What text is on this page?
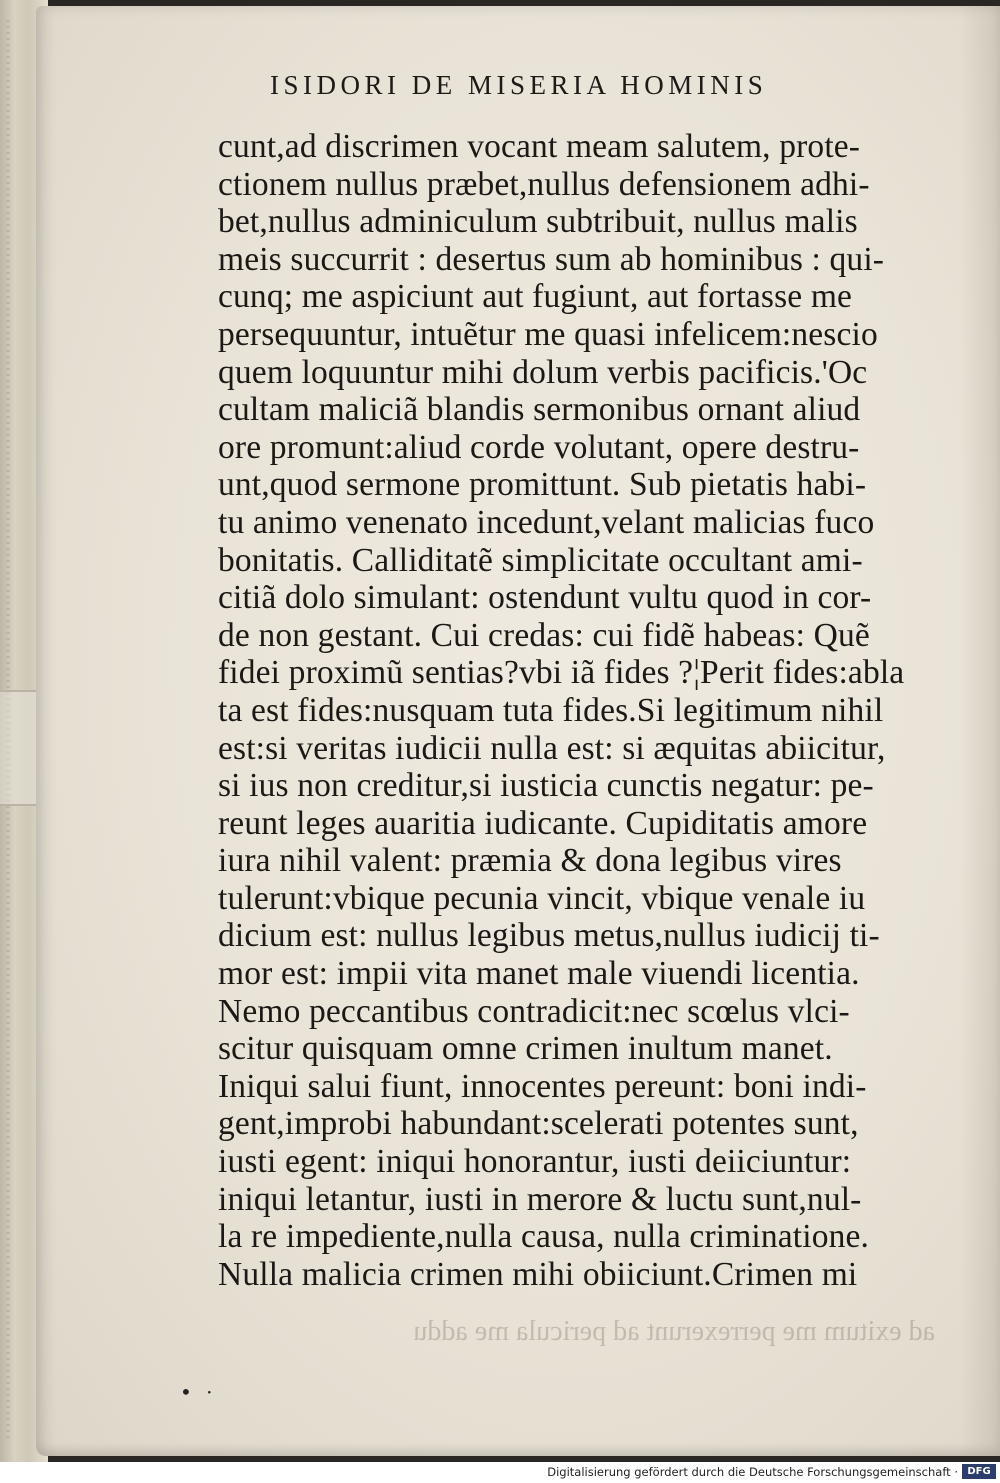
ISIDORI DE MISERIA HOMINIS
cunt,ad discrimen vocant meam salutem, prote-
ctionem nullus præbet,nullus defensionem adhi-
bet,nullus adminiculum subtribuit, nullus malis
meis succurrit : desertus sum ab hominibus : qui-
cunq; me aspiciunt aut fugiunt, aut fortasse me
persequuntur, intuẽtur me quasi infelicem:nescio
quem loquuntur mihi dolum verbis pacificis.'Oc
cultam maliciã blandis sermonibus ornant aliud
ore promunt:aliud corde volutant, opere destru-
unt,quod sermone promittunt. Sub pietatis habi-
tu animo venenato incedunt,velant malicias fuco
bonitatis. Calliditatẽ simplicitate occultant ami-
citiã dolo simulant: ostendunt vultu quod in cor-
de non gestant. Cui credas: cui fidẽ habeas: Quẽ
fidei proximũ sentias?vbi iã fides ?¦Perit fides:abla
ta est fides:nusquam tuta fides.Si legitimum nihil
est:si veritas iudicii nulla est: si æquitas abiicitur,
si ius non creditur,si iusticia cunctis negatur: pe-
reunt leges auaritia iudicante. Cupiditatis amore
iura nihil valent: præmia & dona legibus vires
tulerunt:vbique pecunia vincit, vbique venale iu
dicium est: nullus legibus metus,nullus iudicij ti-
mor est: impii vita manet male viuendi licentia.
Nemo peccantibus contradicit:nec scœlus vlci-
scitur quisquam omne crimen inultum manet.
Iniqui salui fiunt, innocentes pereunt: boni indi-
gent,improbi habundant:scelerati potentes sunt,
iusti egent: iniqui honorantur, iusti deiiciuntur:
iniqui letantur, iusti in merore & luctu sunt,nul-
la re impediente,nulla causa, nulla criminatione.
Nulla malicia crimen mihi obiiciunt.Crimen mi
ad exitum me perrexerunt ad pericula me addu
• ·
Digitalisierung gefördert durch die Deutsche Forschungsgemeinschaft · DFG
